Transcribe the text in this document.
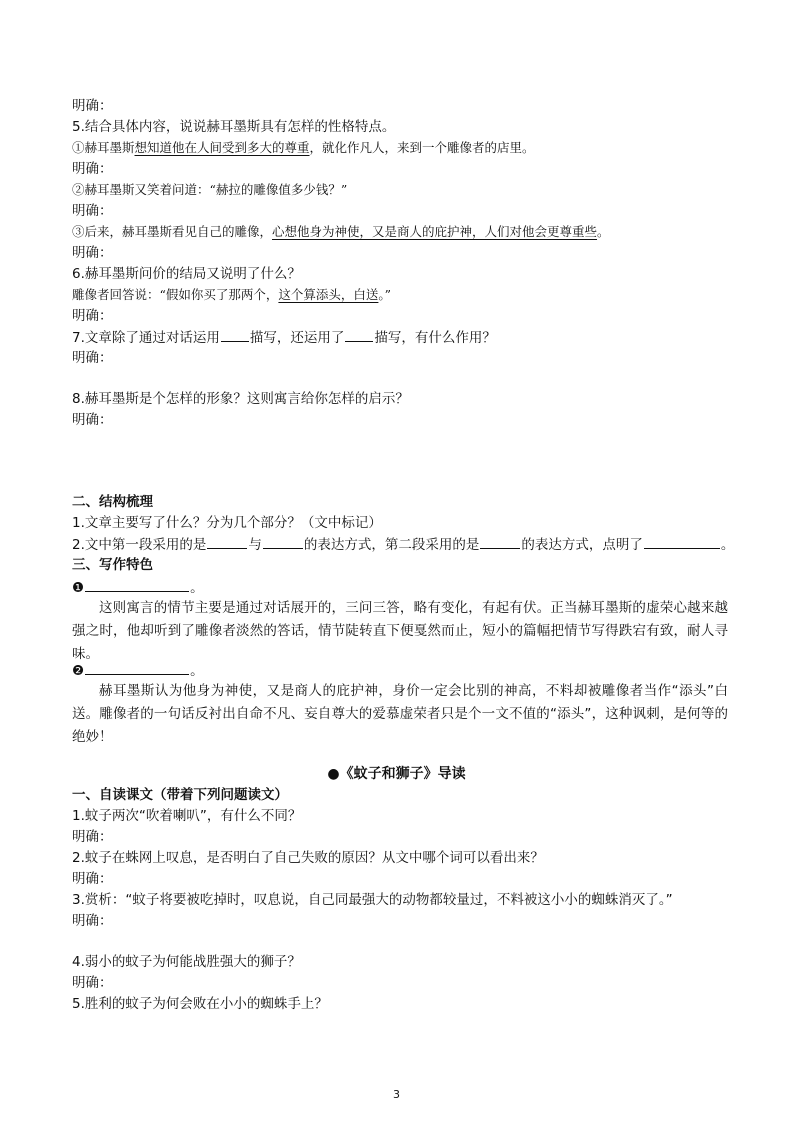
明确：
5.结合具体内容，说说赫耳墨斯具有怎样的性格特点。
①赫耳墨斯想知道他在人间受到多大的尊重，就化作凡人，来到一个雕像者的店里。
明确：
②赫耳墨斯又笑着问道：“赫拉的雕像值多少钱？”
明确：
③后来，赫耳墨斯看见自己的雕像，心想他身为神使，又是商人的庇护神，人们对他会更尊重些。
明确：
6.赫耳墨斯问价的结局又说明了什么？
雕像者回答说：“假如你买了那两个，这个算添头，白送。”
明确：
7.文章除了通过对话运用 描写，还运用了 描写，有什么作用？
明确：
8.赫耳墨斯是个怎样的形象？这则寓言给你怎样的启示？
明确：
二、结构梳理
1.文章主要写了什么？分为几个部分？（文中标记）
2.文中第一段采用的是	与	的表达方式，第二段采用的是	的表达方式，点明了	。
三、写作特色
❶	。
这则寓言的情节主要是通过对话展开的，三问三答，略有变化，有起有伏。正当赫耳墨斯的虚荣心越来越强之时，他却听到了雕像者淡然的答话，情节陡转直下便戛然而止，短小的篇幅把情节写得跌宕有致，耐人寻味。
❷	。
赫耳墨斯认为他身为神使，又是商人的庇护神，身价一定会比别的神高，不料却被雕像者当作“添头”白送。雕像者的一句话反衬出自命不凡、妄自尊大的爱慕虚荣者只是个一文不值的“添头”，这种讽刺，是何等的绝妙！
●《蚊子和狮子》导读
一、自读课文（带着下列问题读文）
1.蚊子两次“吹着喇叭”，有什么不同？
明确：
2.蚊子在蛛网上叹息，是否明白了自己失败的原因？从文中哪个词可以看出来？
明确：
3.赏析：“蚊子将要被吃掉时，叹息说，自己同最强大的动物都较量过，不料被这小小的蜘蛛消灭了。”
明确：
4.弱小的蚊子为何能战胜强大的狮子？
明确：
5.胜利的蚊子为何会败在小小的蜘蛛手上？
3
